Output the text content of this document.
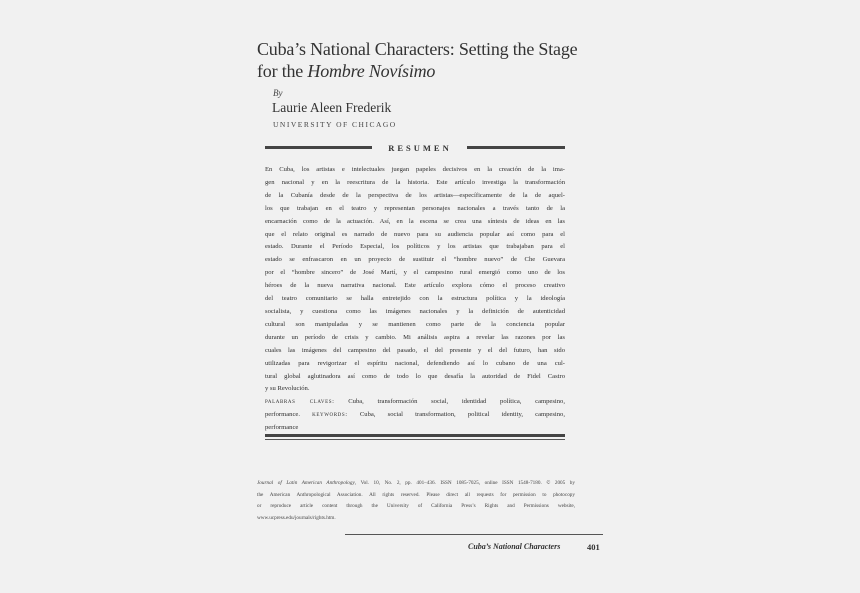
Cuba’s National Characters: Setting the Stage
for the Hombre Novísimo
By
Laurie Aleen Frederik
UNIVERSITY OF CHICAGO
RESUMEN
En Cuba, los artistas e intelectuales juegan papeles decisivos en la creación de la ima-
gen nacional y en la reescritura de la historia. Este artículo investiga la transformación
de la Cubanía desde de la perspectiva de los artistas—específicamente de la de aquel-
los que trabajan en el teatro y representan personajes nacionales a través tanto de la
encarnación como de la actuación. Así, en la escena se crea una síntesis de ideas en las
que el relato original es narrado de nuevo para su audiencia popular así como para el
estado. Durante el Período Especial, los políticos y los artistas que trabajaban para el
estado se enfrascaron en un proyecto de sustituir el “hombre nuevo” de Che Guevara
por el “hombre sincero” de José Martí, y el campesino rural emergió como uno de los
héroes de la nueva narrativa nacional. Este artículo explora cómo el proceso creativo
del teatro comunitario se halla entretejido con la estructura política y la ideología
socialista, y cuestiona como las imágenes nacionales y la definición de autenticidad
cultural son manipuladas y se mantienen como parte de la conciencia popular
durante un período de crisis y cambio. Mi análisis aspira a revelar las razones por las
cuales las imágenes del campesino del pasado, el del presente y el del futuro, han sido
utilizadas para revigorizar el espíritu nacional, defendiendo así lo cubano de una cul-
tural global aglutinadora así como de todo lo que desafía la autoridad de Fidel Castro
y su Revolución.
palabras claves: Cuba, transformación social, identidad política, campesino,
performance. keywords: Cuba, social transformation, political identity, campesino,
performance
Journal of Latin American Anthropology, Vol. 10, No. 2, pp. 401–436. ISSN 1085-7025, online ISSN 1548-7180. © 2005 by
the American Anthropological Association. All rights reserved. Please direct all requests for permission to photocopy
or reproduce article content through the University of California Press’s Rights and Permissions website,
www.ucpress.edu/journals/rights.htm.
Cuba’s National Characters	401
